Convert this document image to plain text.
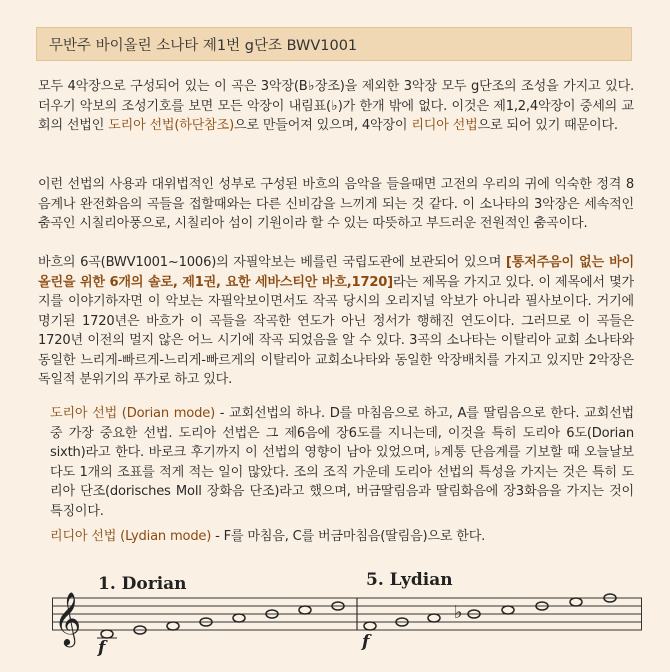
무반주 바이올린 소나타 제1번 g단조 BWV1001
모두 4악장으로 구성되어 있는 이 곡은 3악장(B♭장조)을 제외한 3악장 모두 g단조의 조성을 가지고 있다. 더우기 악보의 조성기호를 보면 모든 악장이 내림표(♭)가 한개 밖에 없다. 이것은 제1,2,4악장이 중세의 교회의 선법인 도리아 선법(하단참조)으로 만들어져 있으며, 4악장이 리디아 선법으로 되어 있기 때문이다.
이런 선법의 사용과 대위법적인 성부로 구성된 바흐의 음악을 들을때면 고전의 우리의 귀에 익숙한 정격 8음계나 완전화음의 곡들을 접할때와는 다른 신비감을 느끼게 되는 것 같다. 이 소나타의 3악장은 세속적인 춤곡인 시칠리아풍으로, 시칠리아 섬이 기원이라 할 수 있는 따뜻하고 부드러운 전원적인 춤곡이다.
바흐의 6곡(BWV1001~1006)의 자필악보는 베를린 국립도관에 보관되어 있으며 [통저주음이 없는 바이올린을 위한 6개의 솔로, 제1권, 요한 세바스티안 바흐,1720]라는 제목을 가지고 있다. 이 제목에서 몇가지를 이야기하자면 이 악보는 자필악보이면서도 작곡 당시의 오리지널 악보가 아니라 필사보이다. 거기에 명기된 1720년은 바흐가 이 곡들을 작곡한 연도가 아닌 정서가 행해진 연도이다. 그러므로 이 곡들은 1720년 이전의 멀지 않은 어느 시기에 작곡 되었음을 알 수 있다. 3곡의 소나타는 이탈리아 교회 소나타와 동일한 느리게-빠르게-느리게-빠르게의 이탈리아 교회소나타와 동일한 악장배치를 가지고 있지만 2악장은 독일적 분위기의 푸가로 하고 있다.
도리아 선법 (Dorian mode) - 교회선법의 하나. D를 마침음으로 하고, A를 딸림음으로 한다. 교회선법 중 가장 중요한 선법. 도리아 선법은 그 제6음에 장6도를 지니는데, 이것을 특히 도리아 6도(Dorian sixth)라고 한다. 바로크 후기까지 이 선법의 영향이 남아 있었으며, ♭계통 단음계를 기보할 때 오늘날보다도 1개의 조표를 적게 적는 일이 많았다. 조의 조직 가운데 도리아 선법의 특성을 가지는 것은 특히 도리아 단조(dorisches Moll 장화음 단조)라고 했으며, 버금딸림음과 딸림화음에 장3화음을 가지는 것이 특징이다.
리디아 선법 (Lydian mode) - F를 마침음, C를 버금마침음(딸림음)으로 한다.
1. Dorian	5. Lydian
f	f
𝄞	♭
